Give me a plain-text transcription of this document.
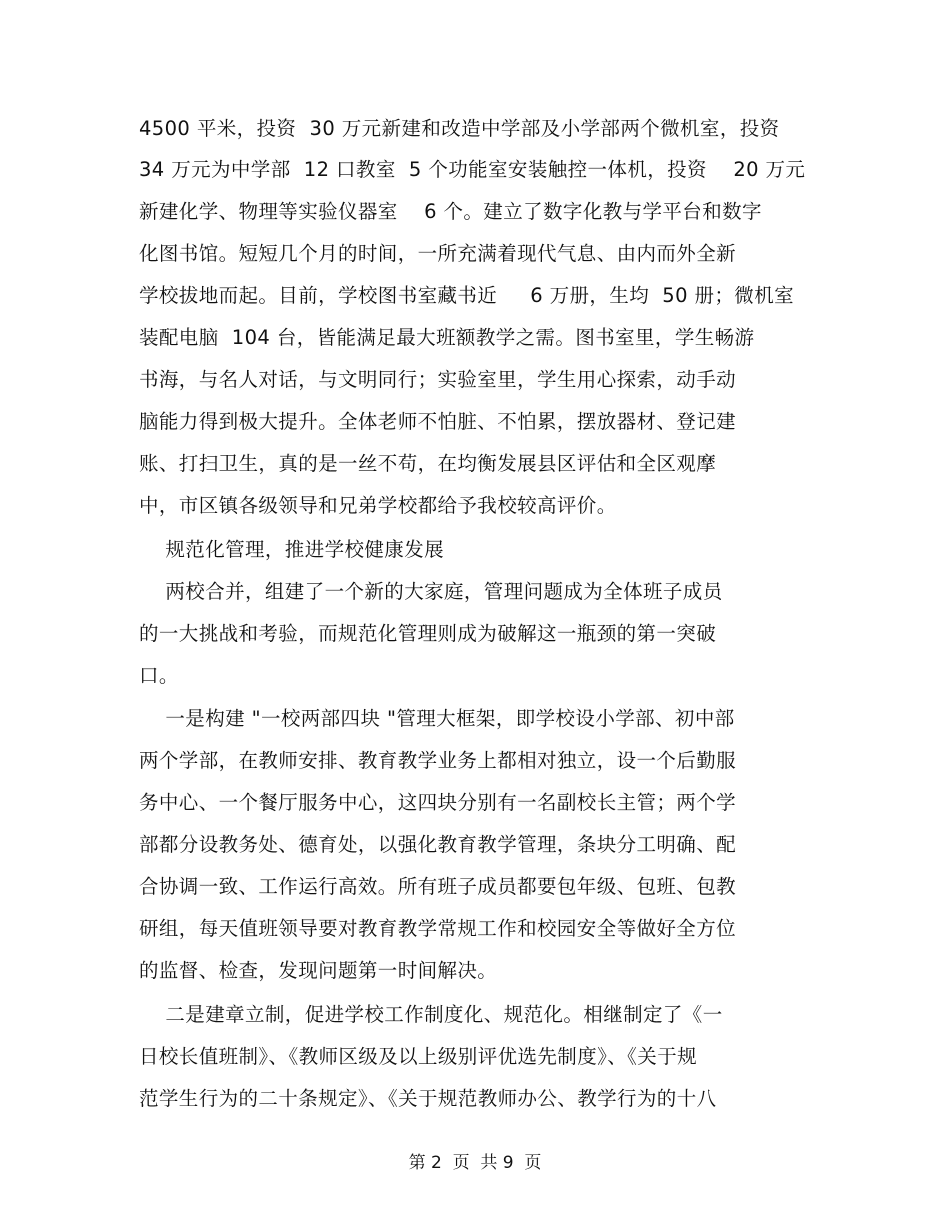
4500 平米，投资  30 万元新建和改造中学部及小学部两个微机室，投资
34 万元为中学部  12 口教室  5 个功能室安装触控一体机，投资    20 万元
新建化学、物理等实验仪器室    6 个。建立了数字化教与学平台和数字
化图书馆。短短几个月的时间，一所充满着现代气息、由内而外全新
学校拔地而起。目前，学校图书室藏书近     6 万册，生均  50 册；微机室
装配电脑  104 台，皆能满足最大班额教学之需。图书室里，学生畅游
书海，与名人对话，与文明同行；实验室里，学生用心探索，动手动
脑能力得到极大提升。全体老师不怕脏、不怕累，摆放器材、登记建
账、打扫卫生，真的是一丝不苟，在均衡发展县区评估和全区观摩
中，市区镇各级领导和兄弟学校都给予我校较高评价。
规范化管理，推进学校健康发展
两校合并，组建了一个新的大家庭，管理问题成为全体班子成员
的一大挑战和考验，而规范化管理则成为破解这一瓶颈的第一突破
口。
一是构建 "一校两部四块 "管理大框架，即学校设小学部、初中部
两个学部，在教师安排、教育教学业务上都相对独立，设一个后勤服
务中心、一个餐厅服务中心，这四块分别有一名副校长主管；两个学
部都分设教务处、德育处，以强化教育教学管理，条块分工明确、配
合协调一致、工作运行高效。所有班子成员都要包年级、包班、包教
研组，每天值班领导要对教育教学常规工作和校园安全等做好全方位
的监督、检查，发现问题第一时间解决。
二是建章立制，促进学校工作制度化、规范化。相继制定了《一
日校长值班制》、《教师区级及以上级别评优选先制度》、《关于规
范学生行为的二十条规定》、《关于规范教师办公、教学行为的十八
第 2  页  共 9  页
